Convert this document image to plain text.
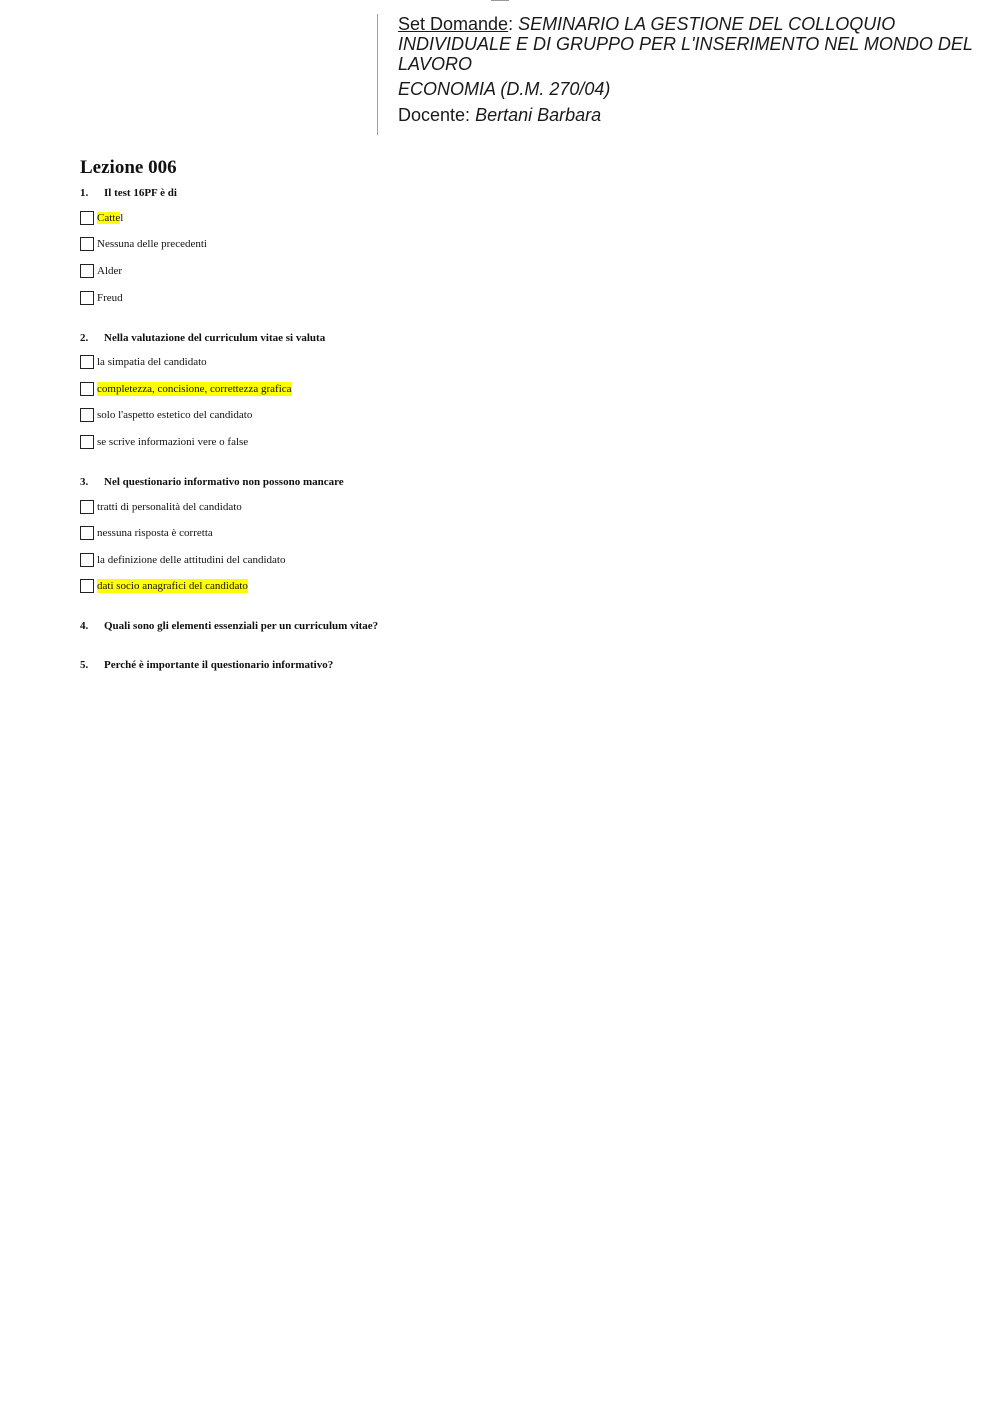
Set Domande: SEMINARIO LA GESTIONE DEL COLLOQUIO INDIVIDUALE E DI GRUPPO PER L'INSERIMENTO NEL MONDO DEL LAVORO

ECONOMIA (D.M. 270/04)

Docente: Bertani Barbara

Lezione 006
1. Il test 16PF è di
Cattel
Nessuna delle precedenti
Alder
Freud
2. Nella valutazione del curriculum vitae si valuta
la simpatia del candidato
completezza, concisione, correttezza grafica
solo l'aspetto estetico del candidato
se scrive informazioni vere o false
3. Nel questionario informativo non possono mancare
tratti di personalità del candidato
nessuna risposta è corretta
la definizione delle attitudini del candidato
dati socio anagrafici del candidato
4. Quali sono gli elementi essenziali per un curriculum vitae?
5. Perché è importante il questionario informativo?
